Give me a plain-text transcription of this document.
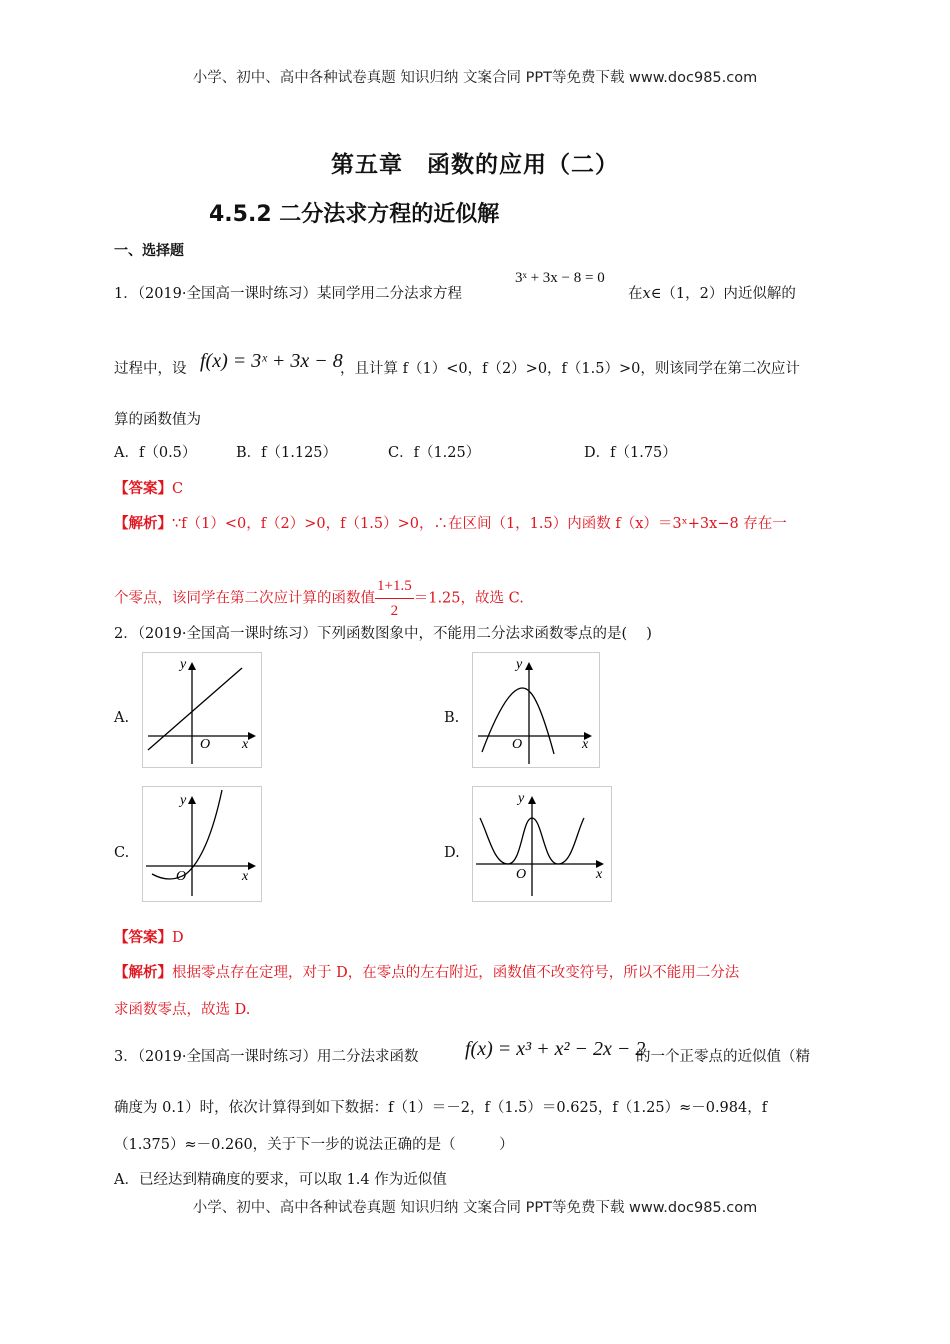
小学、初中、高中各种试卷真题 知识归纳 文案合同 PPT等免费下载 www.doc985.com
第五章　函数的应用（二）
4.5.2 二分法求方程的近似解
一、选择题
1．（2019·全国高一课时练习）某同学用二分法求方程
3ˣ + 3x − 8 = 0
在x∈（1，2）内近似解的
过程中，设 f(x) = 3ˣ + 3x − 8
，且计算 f（1）<0，f（2）>0，f（1.5）>0，则该同学在第二次应计
算的函数值为
A．f（0.5）	B．f（1.125）	C．f（1.25）	D．f（1.75）
【答案】C
【解析】∵f（1）<0，f（2）>0，f（1.5）>0，∴在区间（1，1.5）内函数 f（x）＝3ˣ+3x−8 存在一
个零点，该同学在第二次应计算的函数值 $\frac{1+1.5}{2} =1.25$，故选 C.
2．（2019·全国高一课时练习）下列函数图象中，不能用二分法求函数零点的是(　 )
A.	B.
C.	D.
y
O x
y
O	x
y
O	x
y
O	x
【答案】D
【解析】根据零点存在定理，对于 D，在零点的左右附近，函数值不改变符号，所以不能用二分法
求函数零点，故选 D.
3．（2019·全国高一课时练习）用二分法求函数 f(x) = x³ + x² − 2x − 2
的一个正零点的近似值（精
确度为 0.1）时，依次计算得到如下数据：f（1）＝－2，f（1.5）＝0.625，f（1.25）≈－0.984，f
（1.375）≈－0.260，关于下一步的说法正确的是（　　　）
A．已经达到精确度的要求，可以取 1.4 作为近似值
小学、初中、高中各种试卷真题 知识归纳 文案合同 PPT等免费下载 www.doc985.com
